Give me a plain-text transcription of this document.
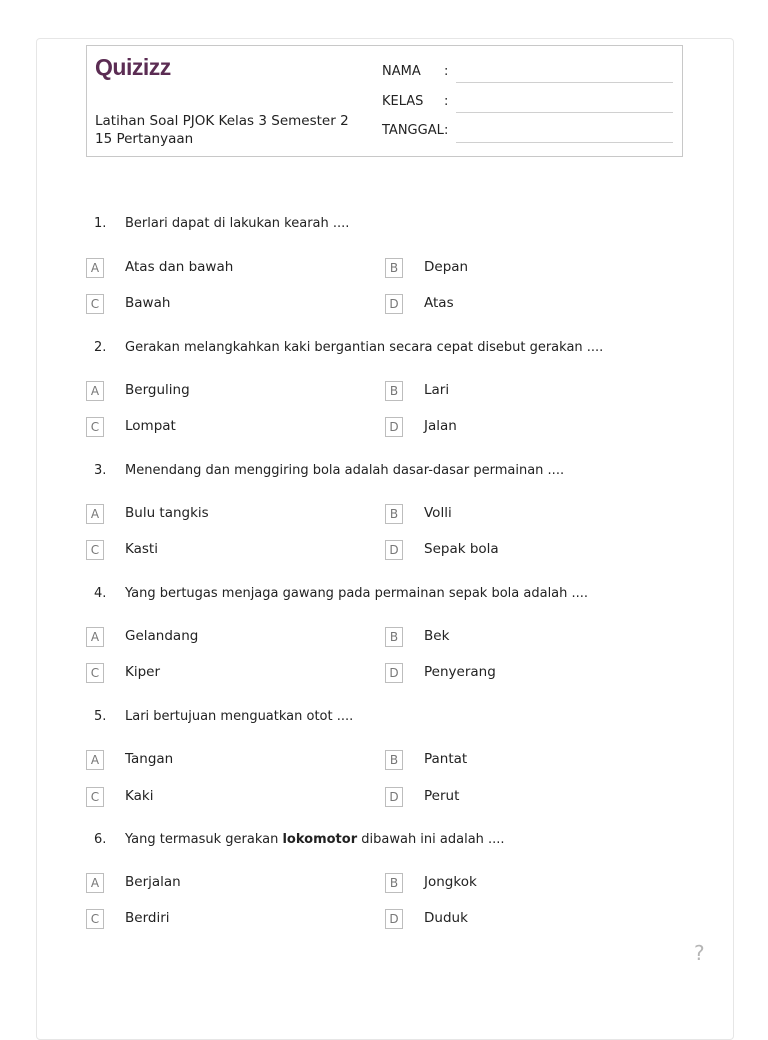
Quizizz
Latihan Soal PJOK Kelas 3 Semester 2
15 Pertanyaan
NAMA :
KELAS :
TANGGAL:
1. Berlari dapat di lakukan kearah ....
A	Atas dan bawah	B	Depan
C	Bawah	D	Atas
2. Gerakan melangkahkan kaki bergantian secara cepat disebut gerakan ....
A	Berguling	B	Lari
C	Lompat	D	Jalan
3. Menendang dan menggiring bola adalah dasar-dasar permainan ....
A	Bulu tangkis	B	Volli
C	Kasti	D	Sepak bola
4. Yang bertugas menjaga gawang pada permainan sepak bola adalah ....
A	Gelandang	B	Bek
C	Kiper	D	Penyerang
5. Lari bertujuan menguatkan otot ....
A	Tangan	B	Pantat
C	Kaki	D	Perut
6. Yang termasuk gerakan lokomotor dibawah ini adalah ....
A	Berjalan	B	Jongkok
C	Berdiri	D	Duduk
?
